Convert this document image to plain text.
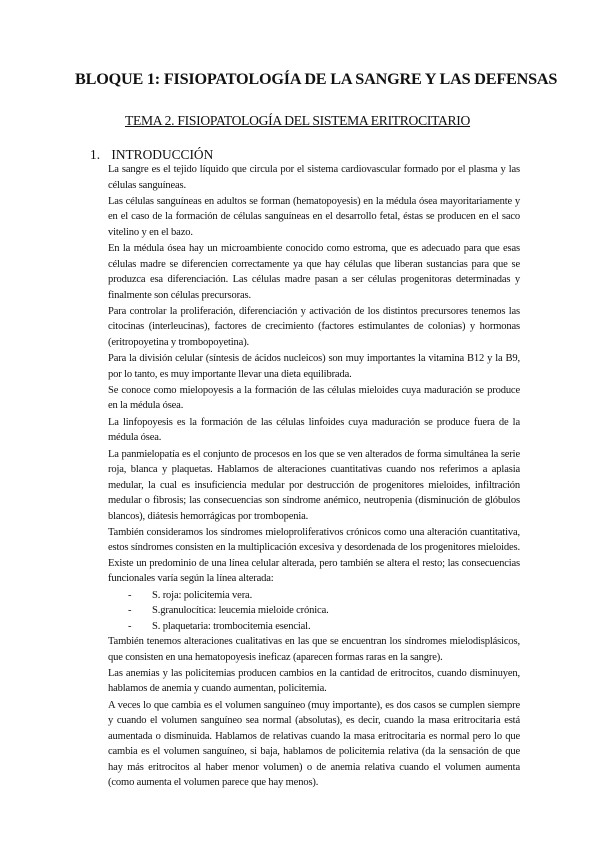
BLOQUE 1: FISIOPATOLOGÍA DE LA SANGRE Y LAS DEFENSAS
TEMA 2. FISIOPATOLOGÍA DEL SISTEMA ERITROCITARIO
1. INTRODUCCIÓN

La sangre es el tejido líquido que circula por el sistema cardiovascular formado por el plasma y las células sanguíneas.

Las células sanguíneas en adultos se forman (hematopoyesis) en la médula ósea mayoritariamente y en el caso de la formación de células sanguíneas en el desarrollo fetal, éstas se producen en el saco vitelino y en el bazo.

En la médula ósea hay un microambiente conocido como estroma, que es adecuado para que esas células madre se diferencien correctamente ya que hay células que liberan sustancias para que se produzca esa diferenciación. Las células madre pasan a ser células progenitoras determinadas y finalmente son células precursoras.

Para controlar la proliferación, diferenciación y activación de los distintos precursores tenemos las citocinas (interleucinas), factores de crecimiento (factores estimulantes de colonias) y hormonas (eritropoyetina y trombopoyetina).

Para la división celular (síntesis de ácidos nucleicos) son muy importantes la vitamina B12 y la B9, por lo tanto, es muy importante llevar una dieta equilibrada.

Se conoce como mielopoyesis a la formación de las células mieloides cuya maduración se produce en la médula ósea.

La linfopoyesis es la formación de las células linfoides cuya maduración se produce fuera de la médula ósea.

La panmielopatía es el conjunto de procesos en los que se ven alterados de forma simultánea la serie roja, blanca y plaquetas. Hablamos de alteraciones cuantitativas cuando nos referimos a aplasia medular, la cual es insuficiencia medular por destrucción de progenitores mieloides, infiltración medular o fibrosis; las consecuencias son síndrome anémico, neutropenia (disminución de glóbulos blancos), diátesis hemorrágicas por trombopenia.

También consideramos los síndromes mieloproliferativos crónicos como una alteración cuantitativa, estos síndromes consisten en la multiplicación excesiva y desordenada de los progenitores mieloides. Existe un predominio de una línea celular alterada, pero también se altera el resto; las consecuencias funcionales varía según la línea alterada:

- S. roja: policitemia vera.
- S.granulocítica: leucemia mieloide crónica.
- S. plaquetaria: trombocitemia esencial.

También tenemos alteraciones cualitativas en las que se encuentran los síndromes mielodisplásicos, que consisten en una hematopoyesis ineficaz (aparecen formas raras en la sangre).

Las anemias y las policitemias producen cambios en la cantidad de eritrocitos, cuando disminuyen, hablamos de anemia y cuando aumentan, policitemia.

A veces lo que cambia es el volumen sanguíneo (muy importante), es dos casos se cumplen siempre y cuando el volumen sanguíneo sea normal (absolutas), es decir, cuando la masa eritrocitaria está aumentada o disminuida. Hablamos de relativas cuando la masa eritrocitaria es normal pero lo que cambia es el volumen sanguíneo, si baja, hablamos de policitemia relativa (da la sensación de que hay más eritrocitos al haber menor volumen) o de anemia relativa cuando el volumen aumenta (como aumenta el volumen parece que hay menos).
